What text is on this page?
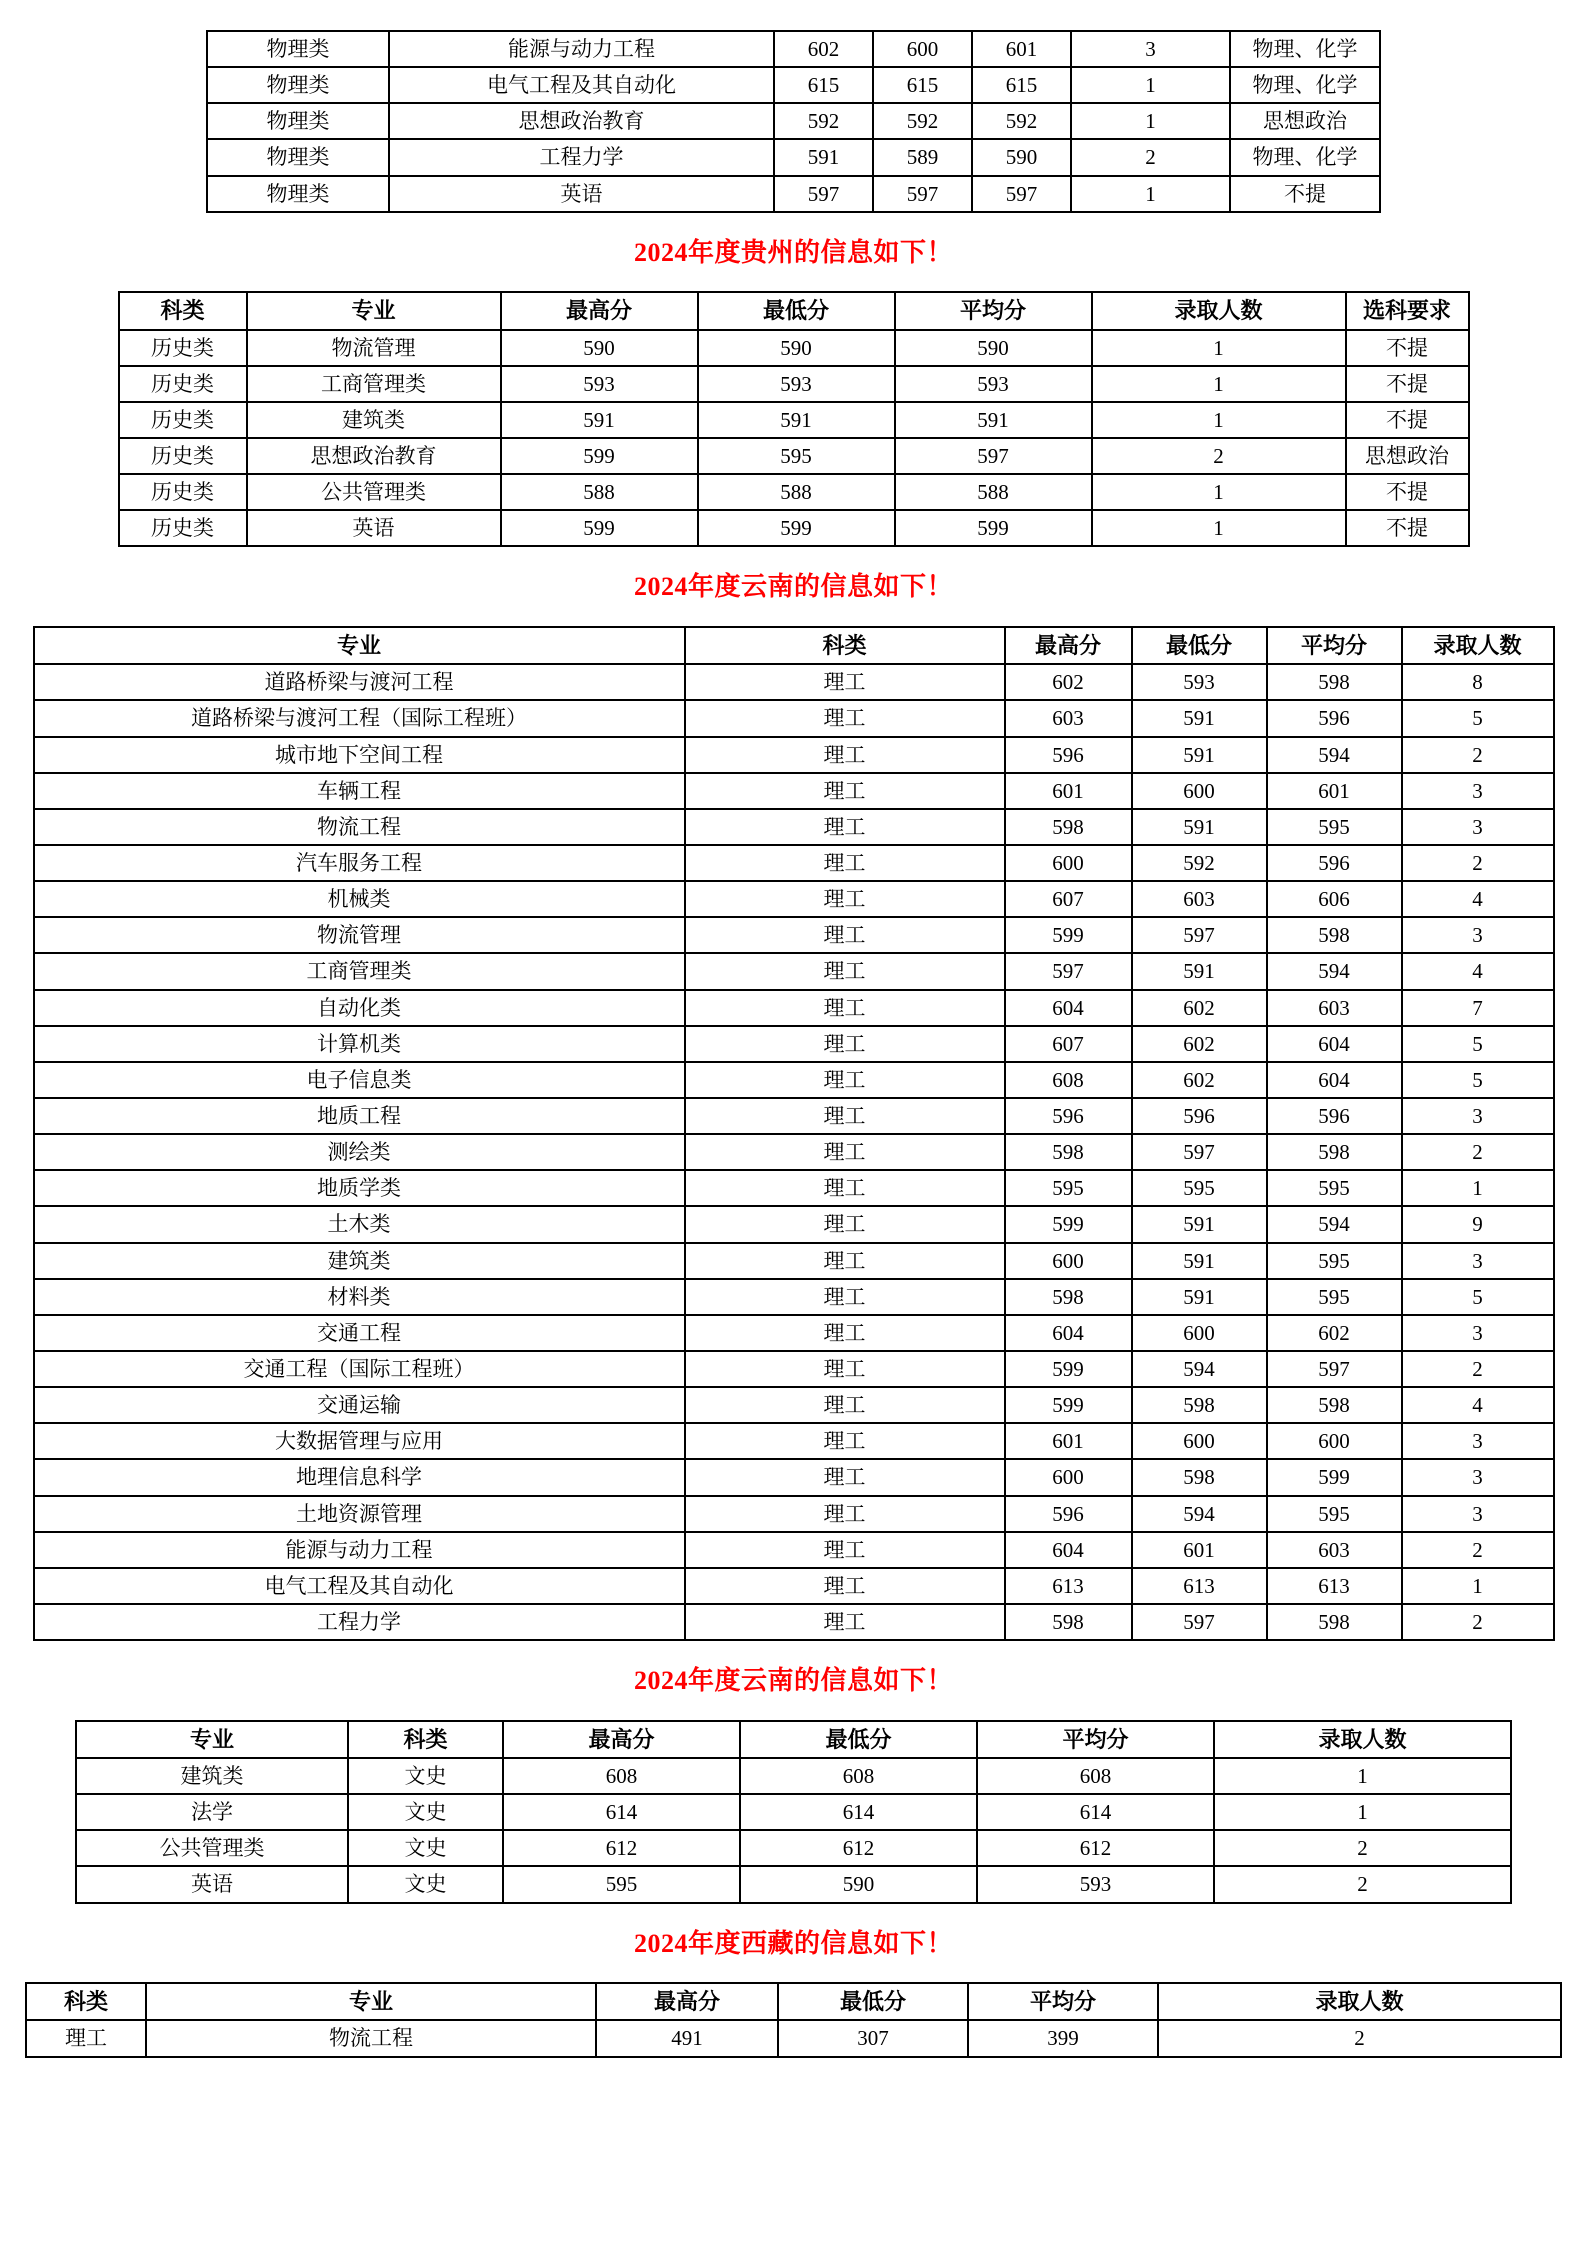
物理类	能源与动力工程	602	600	601	3	物理、化学
物理类	电气工程及其自动化	615	615	615	1	物理、化学
物理类	思想政治教育	592	592	592	1	思想政治
物理类	工程力学	591	589	590	2	物理、化学
物理类	英语	597	597	597	1	不提
2024年度贵州的信息如下！
科类	专业	最高分	最低分	平均分	录取人数	选科要求
历史类	物流管理	590	590	590	1	不提
历史类	工商管理类	593	593	593	1	不提
历史类	建筑类	591	591	591	1	不提
历史类	思想政治教育	599	595	597	2	思想政治
历史类	公共管理类	588	588	588	1	不提
历史类	英语	599	599	599	1	不提
2024年度云南的信息如下！
专业	科类	最高分	最低分	平均分	录取人数
道路桥梁与渡河工程	理工	602	593	598	8
道路桥梁与渡河工程（国际工程班）	理工	603	591	596	5
城市地下空间工程	理工	596	591	594	2
车辆工程	理工	601	600	601	3
物流工程	理工	598	591	595	3
汽车服务工程	理工	600	592	596	2
机械类	理工	607	603	606	4
物流管理	理工	599	597	598	3
工商管理类	理工	597	591	594	4
自动化类	理工	604	602	603	7
计算机类	理工	607	602	604	5
电子信息类	理工	608	602	604	5
地质工程	理工	596	596	596	3
测绘类	理工	598	597	598	2
地质学类	理工	595	595	595	1
土木类	理工	599	591	594	9
建筑类	理工	600	591	595	3
材料类	理工	598	591	595	5
交通工程	理工	604	600	602	3
交通工程（国际工程班）	理工	599	594	597	2
交通运输	理工	599	598	598	4
大数据管理与应用	理工	601	600	600	3
地理信息科学	理工	600	598	599	3
土地资源管理	理工	596	594	595	3
能源与动力工程	理工	604	601	603	2
电气工程及其自动化	理工	613	613	613	1
工程力学	理工	598	597	598	2
2024年度云南的信息如下！
专业	科类	最高分	最低分	平均分	录取人数
建筑类	文史	608	608	608	1
法学	文史	614	614	614	1
公共管理类	文史	612	612	612	2
英语	文史	595	590	593	2
2024年度西藏的信息如下！
科类	专业	最高分	最低分	平均分	录取人数
理工	物流工程	491	307	399	2
